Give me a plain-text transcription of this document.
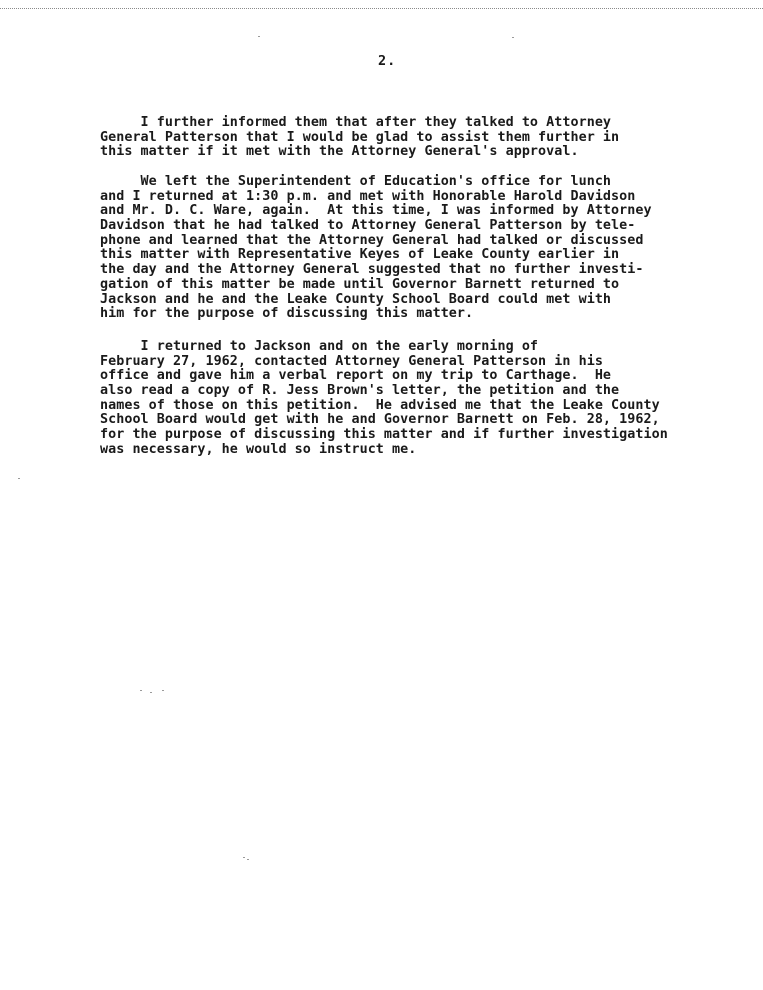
2.

I further informed them that after they talked to Attorney
General Patterson that I would be glad to assist them further in
this matter if it met with the Attorney General's approval.

We left the Superintendent of Education's office for lunch
and I returned at 1:30 p.m. and met with Honorable Harold Davidson
and Mr. D. C. Ware, again.  At this time, I was informed by Attorney
Davidson that he had talked to Attorney General Patterson by tele-
phone and learned that the Attorney General had talked or discussed
this matter with Representative Keyes of Leake County earlier in
the day and the Attorney General suggested that no further investi-
gation of this matter be made until Governor Barnett returned to
Jackson and he and the Leake County School Board could met with
him for the purpose of discussing this matter.

I returned to Jackson and on the early morning of
February 27, 1962, contacted Attorney General Patterson in his
office and gave him a verbal report on my trip to Carthage.  He
also read a copy of R. Jess Brown's letter, the petition and the
names of those on this petition.  He advised me that the Leake County
School Board would get with he and Governor Barnett on Feb. 28, 1962,
for the purpose of discussing this matter and if further investigation
was necessary, he would so instruct me.
